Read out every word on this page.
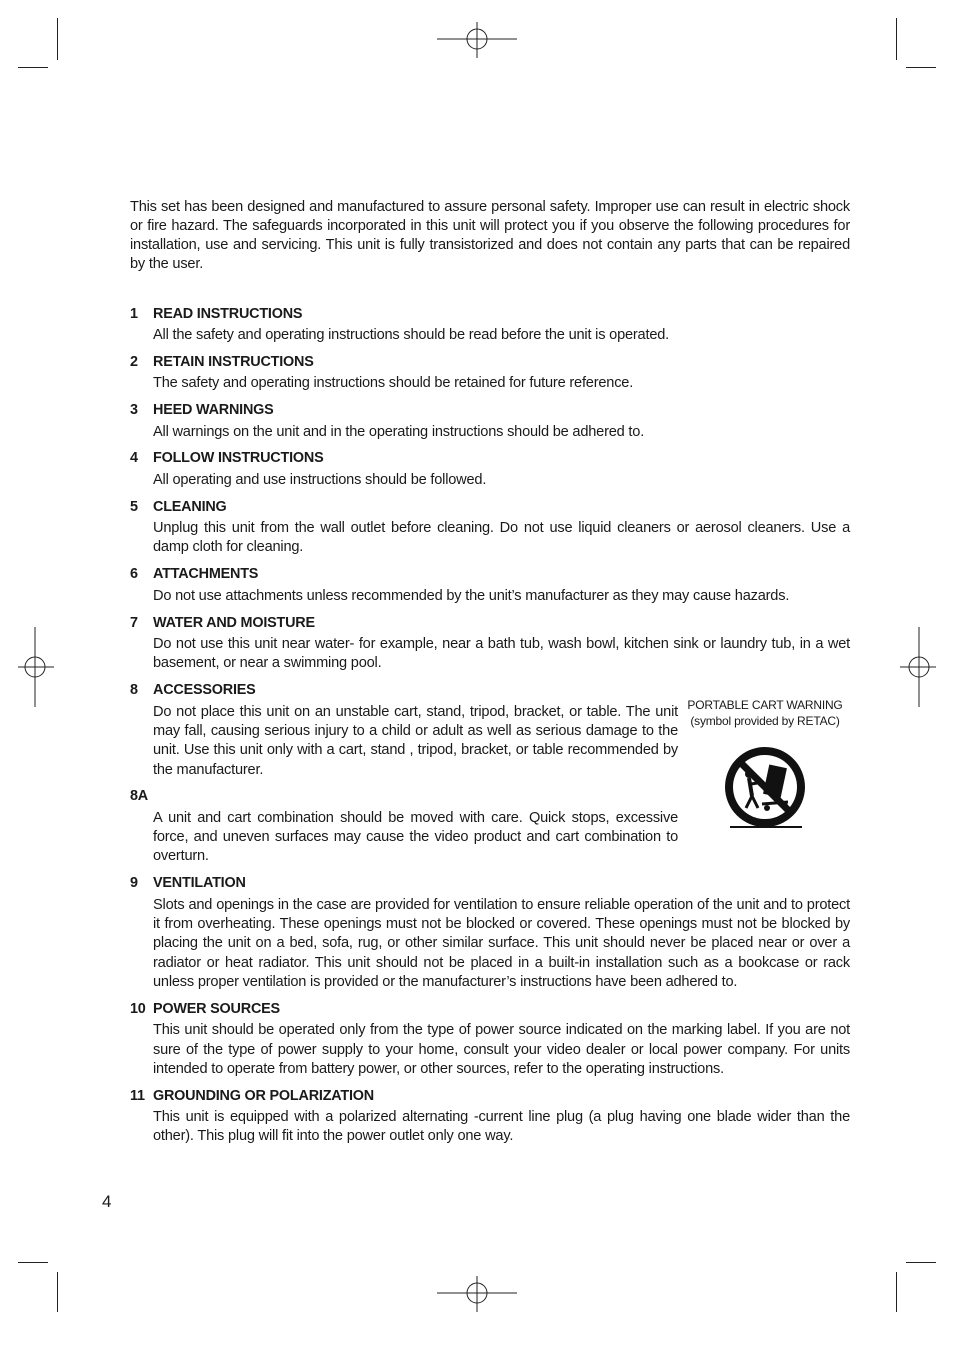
This set has been designed and manufactured to assure personal safety. Improper use can result in electric shock or fire hazard. The safeguards incorporated in this unit will protect you if you observe the following procedures for installation, use and servicing. This unit is fully transistorized and does not contain any parts that can be repaired by the user.

1	READ INSTRUCTIONS

All the safety and operating instructions should be read before the unit is operated.

2	RETAIN INSTRUCTIONS

The safety and operating instructions should be retained for future reference.

3	HEED WARNINGS

All warnings on the unit and in the operating instructions should be adhered to.

4	FOLLOW INSTRUCTIONS

All operating and use instructions should be followed.

5	CLEANING

Unplug this unit from the wall outlet before cleaning. Do not use liquid cleaners or aerosol cleaners. Use a damp cloth for cleaning.

6	ATTACHMENTS

Do not use attachments unless recommended by the unit’s manufacturer as they may cause hazards.

7	WATER AND MOISTURE

Do not use this unit near water- for example, near a bath tub, wash bowl, kitchen sink or laundry tub, in a wet basement, or near a swimming pool.

8	ACCESSORIES

Do not place this unit on an unstable cart, stand, tripod, bracket, or table. The unit may fall, causing serious injury to a child or adult as well as serious damage to the unit. Use this unit only with a cart, stand , tripod, bracket, or table recommended by the manufacturer.

8A

A unit and cart combination should be moved with care. Quick stops, excessive force, and uneven surfaces may cause the video product and cart combination to overturn.

9	VENTILATION

Slots and openings in the case are provided for ventilation to ensure reliable operation of the unit and to protect it from overheating. These openings must not be blocked or covered. These openings must not be blocked by placing the unit on a bed, sofa, rug, or other similar surface. This unit should never be placed near or over a radiator or heat radiator. This unit should not be placed in a built-in installation such as a bookcase or rack unless proper ventilation is provided or the manufacturer’s instructions have been adhered to.

10 POWER SOURCES

This unit should be operated only from the type of power source indicated on the marking label. If you are not sure of the type of power supply to your home, consult your video dealer or local power company. For units intended to operate from battery power, or other sources, refer to the operating instructions.

11 GROUNDING OR POLARIZATION

This unit is equipped with a polarized alternating -current line plug (a plug having one blade wider than the other). This plug will fit into the power outlet only one way.

PORTABLE CART WARNING
(symbol provided by RETAC)
4
